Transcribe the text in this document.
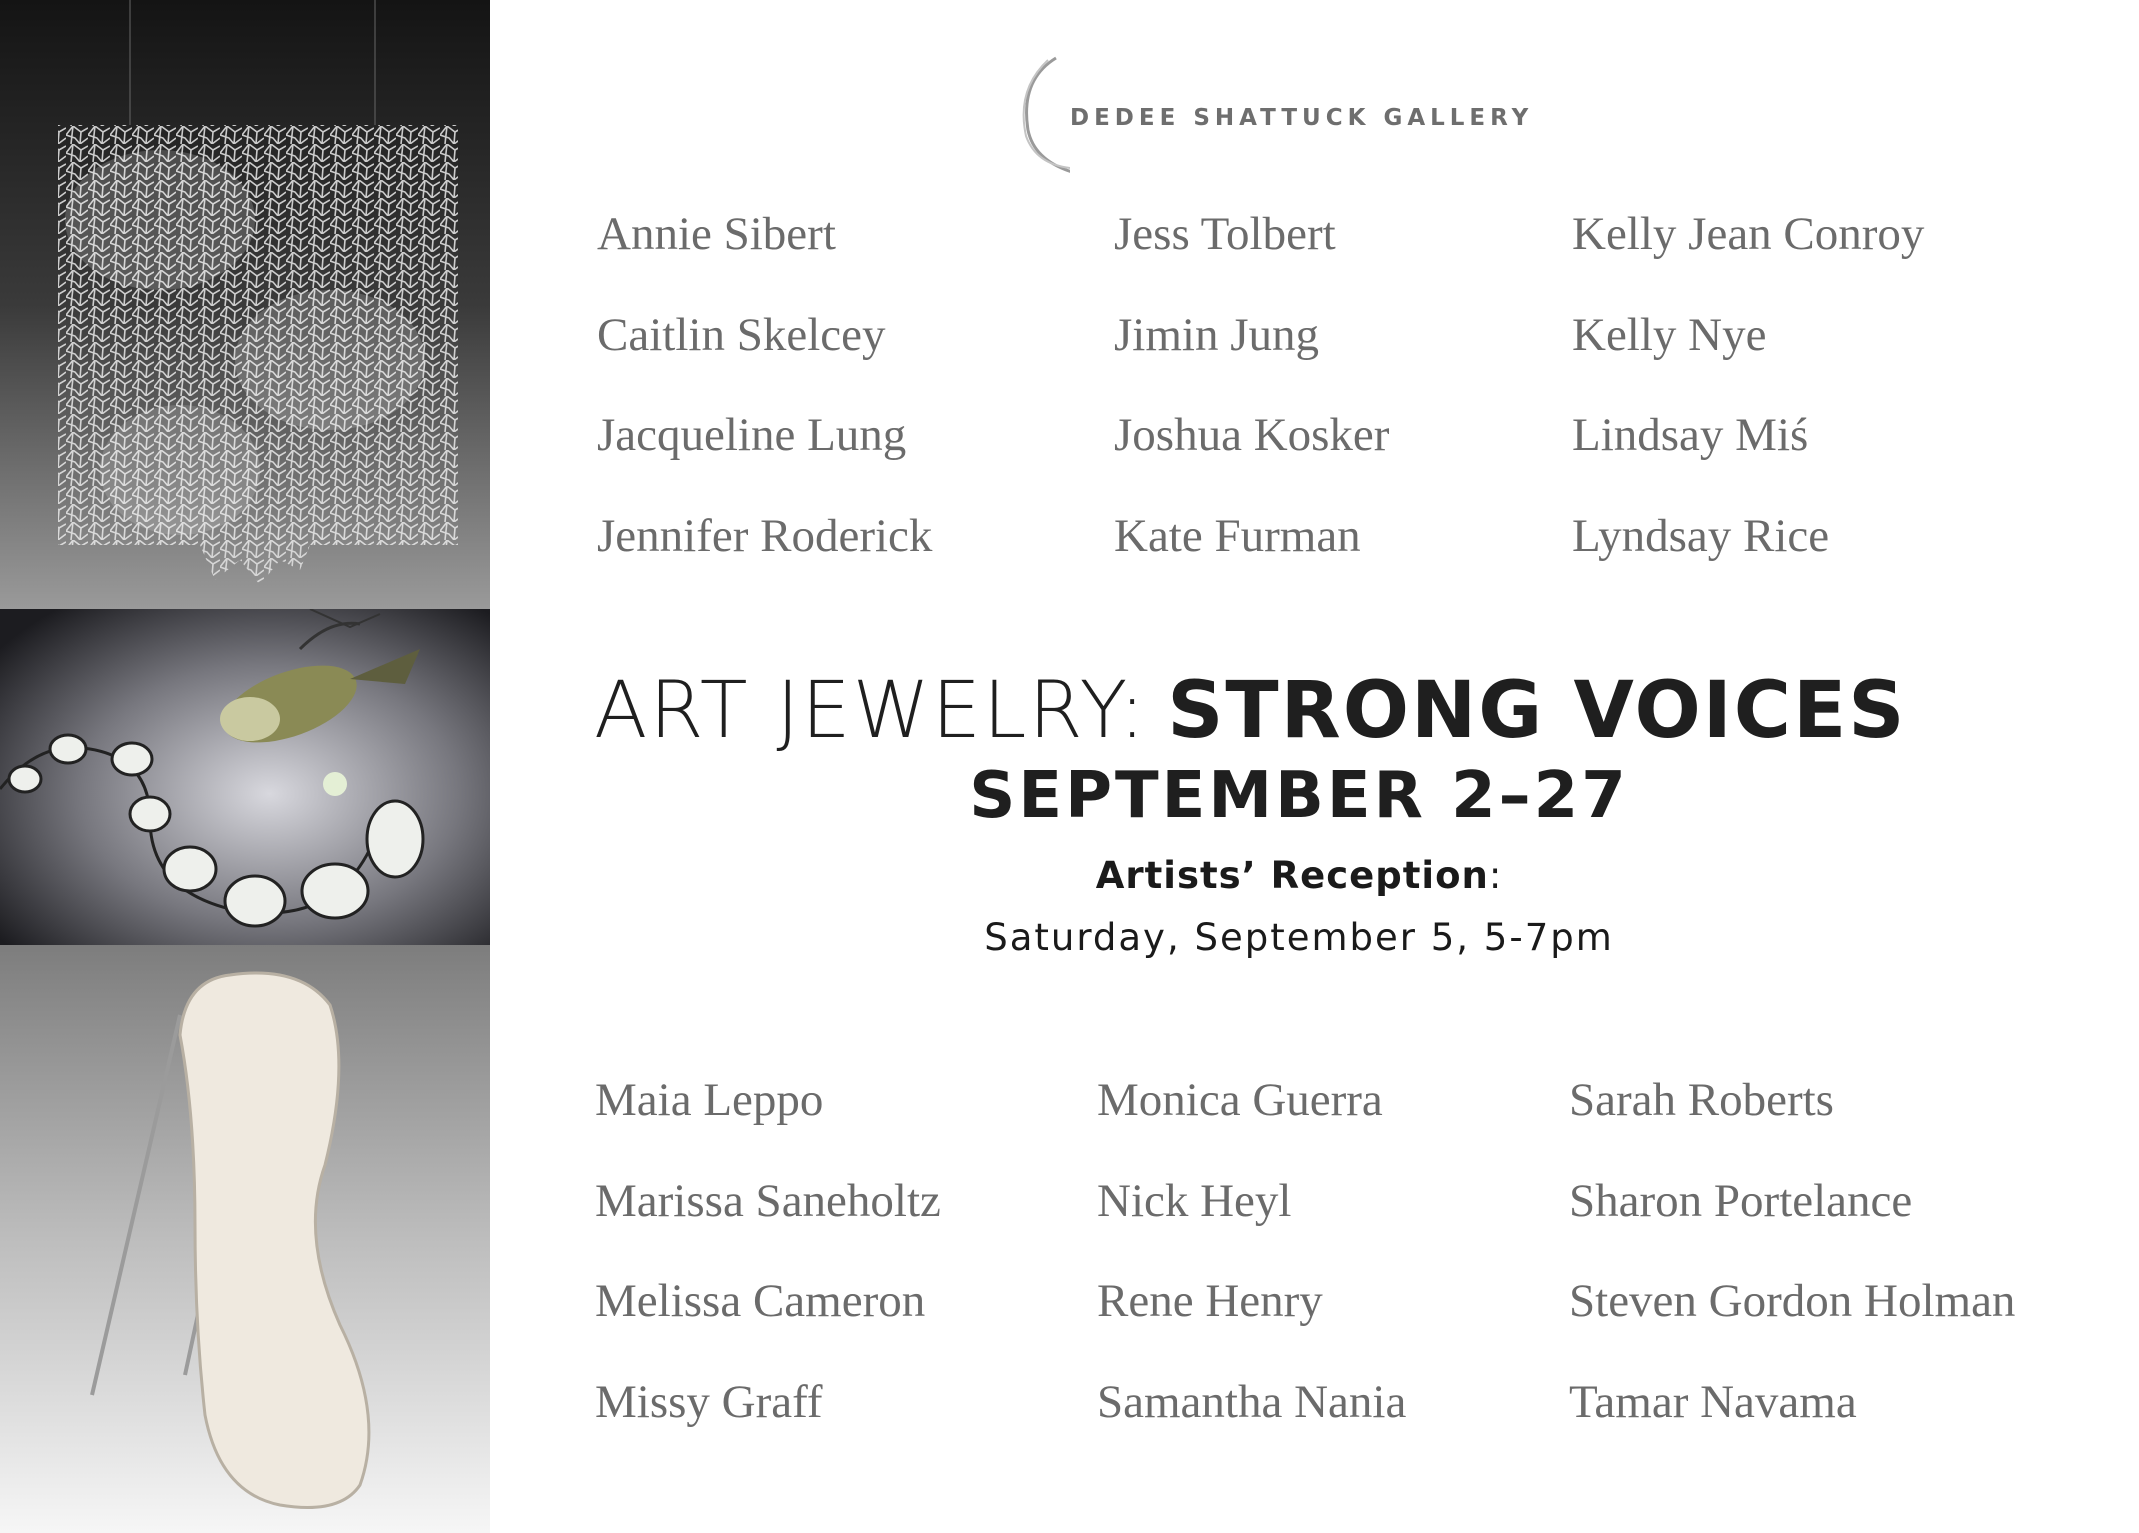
DEDEE SHATTUCK GALLERY
Annie Sibert
Caitlin Skelcey
Jacqueline Lung
Jennifer Roderick
Jess Tolbert
Jimin Jung
Joshua Kosker
Kate Furman
Kelly Jean Conroy
Kelly Nye
Lindsay Miś
Lyndsay Rice
ART JEWELRY: STRONG VOICES
SEPTEMBER 2–27
Artists’ Reception:
Saturday, September 5, 5-7pm
Maia Leppo
Marissa Saneholtz
Melissa Cameron
Missy Graff
Monica Guerra
Nick Heyl
Rene Henry
Samantha Nania
Sarah Roberts
Sharon Portelance
Steven Gordon Holman
Tamar Navama
